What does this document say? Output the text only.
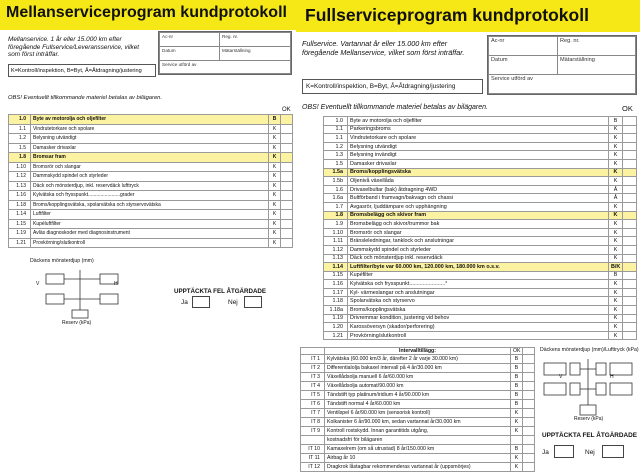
Mellanserviceprogram kundprotokoll
Mellanservice. 1 år eller 15.000 km efter föregående Fullservice/Leveransservice, vilket som först inträffar.
Ac-nr	Reg. nr.
Datum	Mätarställning
Service utförd av
K=Kontroll/inspektion, B=Byt, Å=Åtdragning/justering
OBS! Eventuellt tillkommande materiel betalas av bilägaren.
OK
1.0	Byte av motorolja och oljefilter	B	
1.1	Vindrutetorkare och spolare	K	
1.2	Belysning utvändigt	K	
1.5	Damasker drivaxlar	K	
1.8	Bromsar fram	K	
1.10	Bromsrör och slangar	K	
1.12	Dammskydd spindel och styrleder	K	
1.13	Däck och mönsterdjup, inkl. reservdäck lufttryck	K	
1.16	Kylvätska och frysspunkt.......................grader	K	
1.18	Broms/kopplingsvätska, spolarvätska och styrservovätska	K	
1.14	Luftfilter	K	
1.15	Kupéluftfilter	K	
1.19	Avläs diagnoskoder med diagnosinstrument	K	
1.21	Provkörning/slutkontroll	K	
Däckens mönsterdjup (mm)
V	H
Reserv (kPa)
UPPTÄCKTA FEL ÅTGÄRDADE
Ja	Nej
Fullserviceprogram kundprotokoll
Fullservice. Vartannat år eller 15.000 km efter föregående Mellanservice, vilket som först inträffar.
Ac-nr	Reg. nr.
Datum	Mätarställning
Service utförd av
K=Kontroll/inspektion, B=Byt, Å=Åtdragning/justering
OBS! Eventuellt tillkommande materiel betalas av bilägaren.	OK
1.0	Byte av motorolja och oljefilter	B	
1.1	Parkeringsbroms	K	
1.1	Vindrutetorkare och spolare	K	
1.2	Belysning utvändigt	K	
1.3	Belysning invändigt	K	
1.5	Damasker drivaxlar	K	
1.5a	Broms/kopplingsvätska	K	
1.5b	Oljenivå växellåda	K	
1.6	Drivaxelbultar (bak) åtdragning 4WD	Å	
1.6a	Bultförband i framvagn/bakvagn och chassi	Å	
1.7	Avgasrör, ljuddämpare och upphängning	K	
1.8	Bromsbelägg och skivor fram	K	
1.9	Bromsbelägg och skivor/trummor bak	K	
1.10	Bromsrör och slangar	K	
1.11	Bränsleledningar, tanklock och anslutningar	K	
1.12	Dammskydd spindel och styrleder	K	
1.13	Däck och mönsterdjup inkl. reservdäck	K	
1.14	Luftfilter/byte var 60.000 km, 120.000 km, 180.000 km o.s.v.	B/K	
1.15	Kupéfilter	B	
1.16	Kylvätska och frysspunkt........................°	K	
1.17	Kyl- värmeslangar och anslutningar	K	
1.18	Spolarvätska och styrservo	K	
1.18a	Broms/kopplingsvätska	K	
1.19	Drivremmar kondition, justering vid behov	K	
1.20	Karossöversyn (skador/perforering)	K	
1.21	Provkörning/slutkontroll	K	
	Intervalltillägg:	OK	
IT 1	Kylvätska (60.000 km/3 år, därefter 2 år varje 30.000 km)	B	
IT 2	Differentialolja bakaxel intervall på 4 år/30.000 km	B	
IT 3	Växellådsolja manuell 6 år/60.000 km	B	
IT 4	Växellådsolja automat/90.000 km	B	
IT 5	Tändstift typ platinum/iridium 4 år/90.000 km	B	
IT 6	Tändstift normal 4 år/60.000 km	B	
IT 7	Ventilspel 6 år/90.000 km (sensorisk kontroll)	K	
IT 8	Kolkanister 6 år/90.000 km, sedan vartannat år/30.000 km	K	
IT 9	Kontroll rostskydd. Innan garantitids utgång,	K	
	kostnadsfri för bilägaren		
IT 10	Kamaxelrem (om så utrustad) 8 år/150.000 km	B	
IT 11	Airbag år 10	K	
IT 12	Dragkrok låstagbar rekommenderas vartannat år (uppsmörjes)	K	
Däckens mönsterdjup (mm)/Lufttryck (kPa)
V	H
Reserv (kPa)
UPPTÄCKTA FEL ÅTGÄRDADE
Ja	Nej
